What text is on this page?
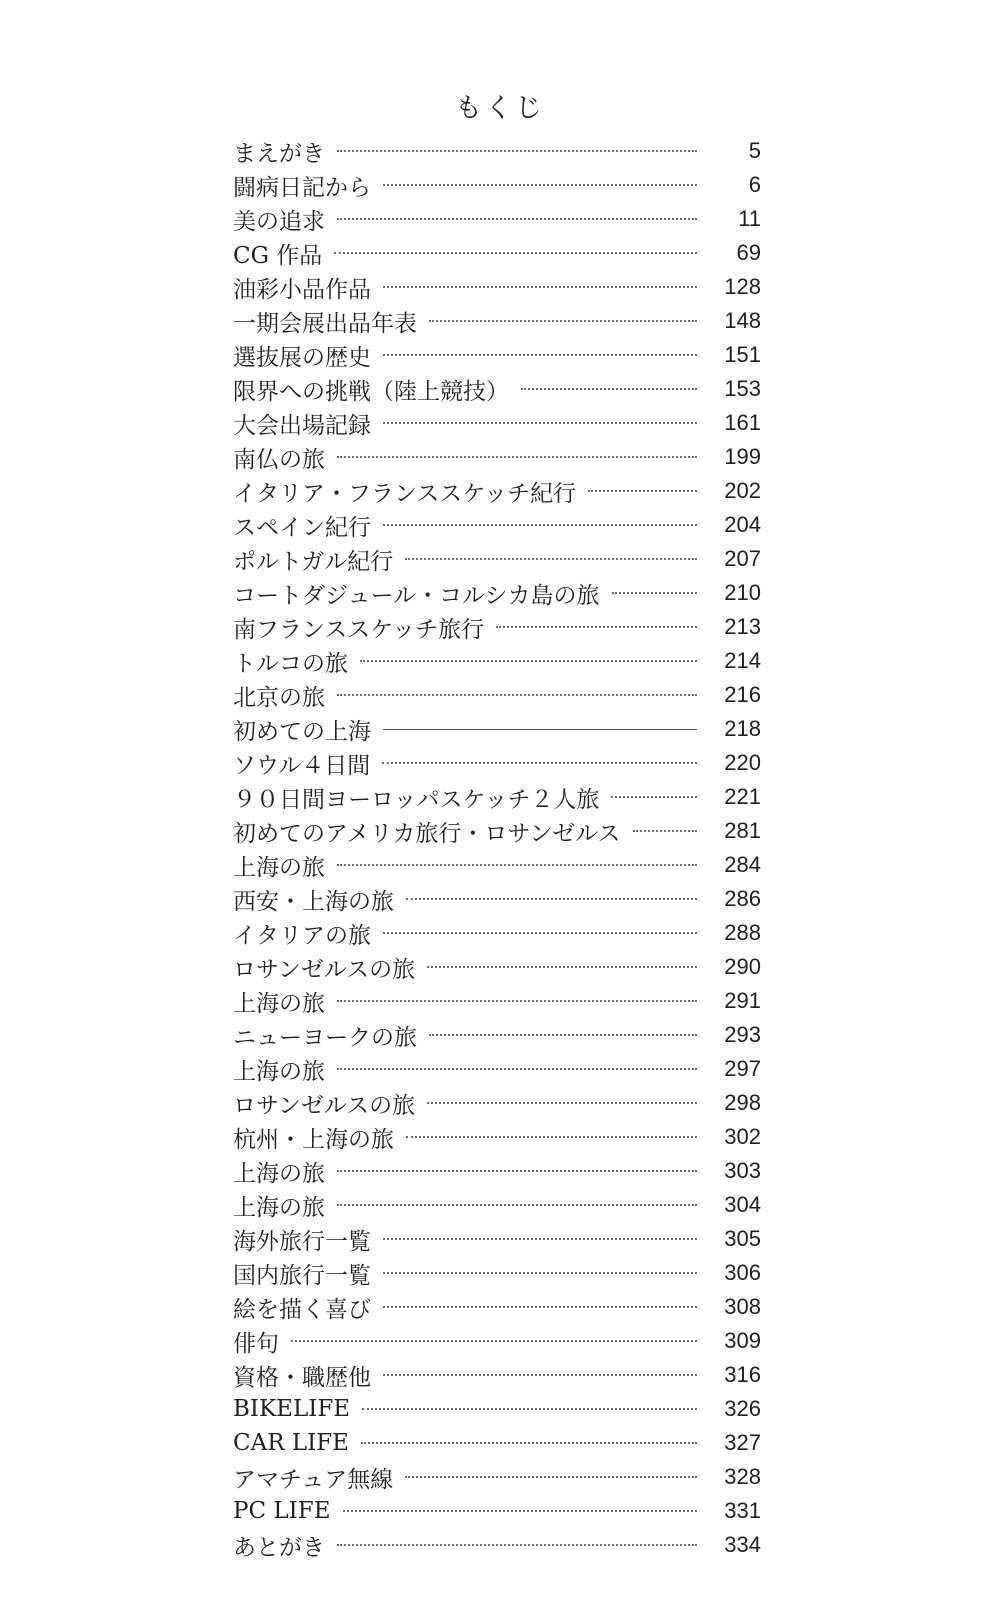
もくじ
まえがき	5
闘病日記から	6
美の追求	11
CG 作品	69
油彩小品作品	128
一期会展出品年表	148
選抜展の歴史	151
限界への挑戦（陸上競技）	153
大会出場記録	161
南仏の旅	199
イタリア・フランススケッチ紀行	202
スペイン紀行	204
ポルトガル紀行	207
コートダジュール・コルシカ島の旅	210
南フランススケッチ旅行	213
トルコの旅	214
北京の旅	216
初めての上海	218
ソウル４日間	220
９０日間ヨーロッパスケッチ２人旅	221
初めてのアメリカ旅行・ロサンゼルス	281
上海の旅	284
西安・上海の旅	286
イタリアの旅	288
ロサンゼルスの旅	290
上海の旅	291
ニューヨークの旅	293
上海の旅	297
ロサンゼルスの旅	298
杭州・上海の旅	302
上海の旅	303
上海の旅	304
海外旅行一覧	305
国内旅行一覧	306
絵を描く喜び	308
俳句	309
資格・職歴他	316
BIKELIFE	326
CAR LIFE	327
アマチュア無線	328
PC LIFE	331
あとがき	334
